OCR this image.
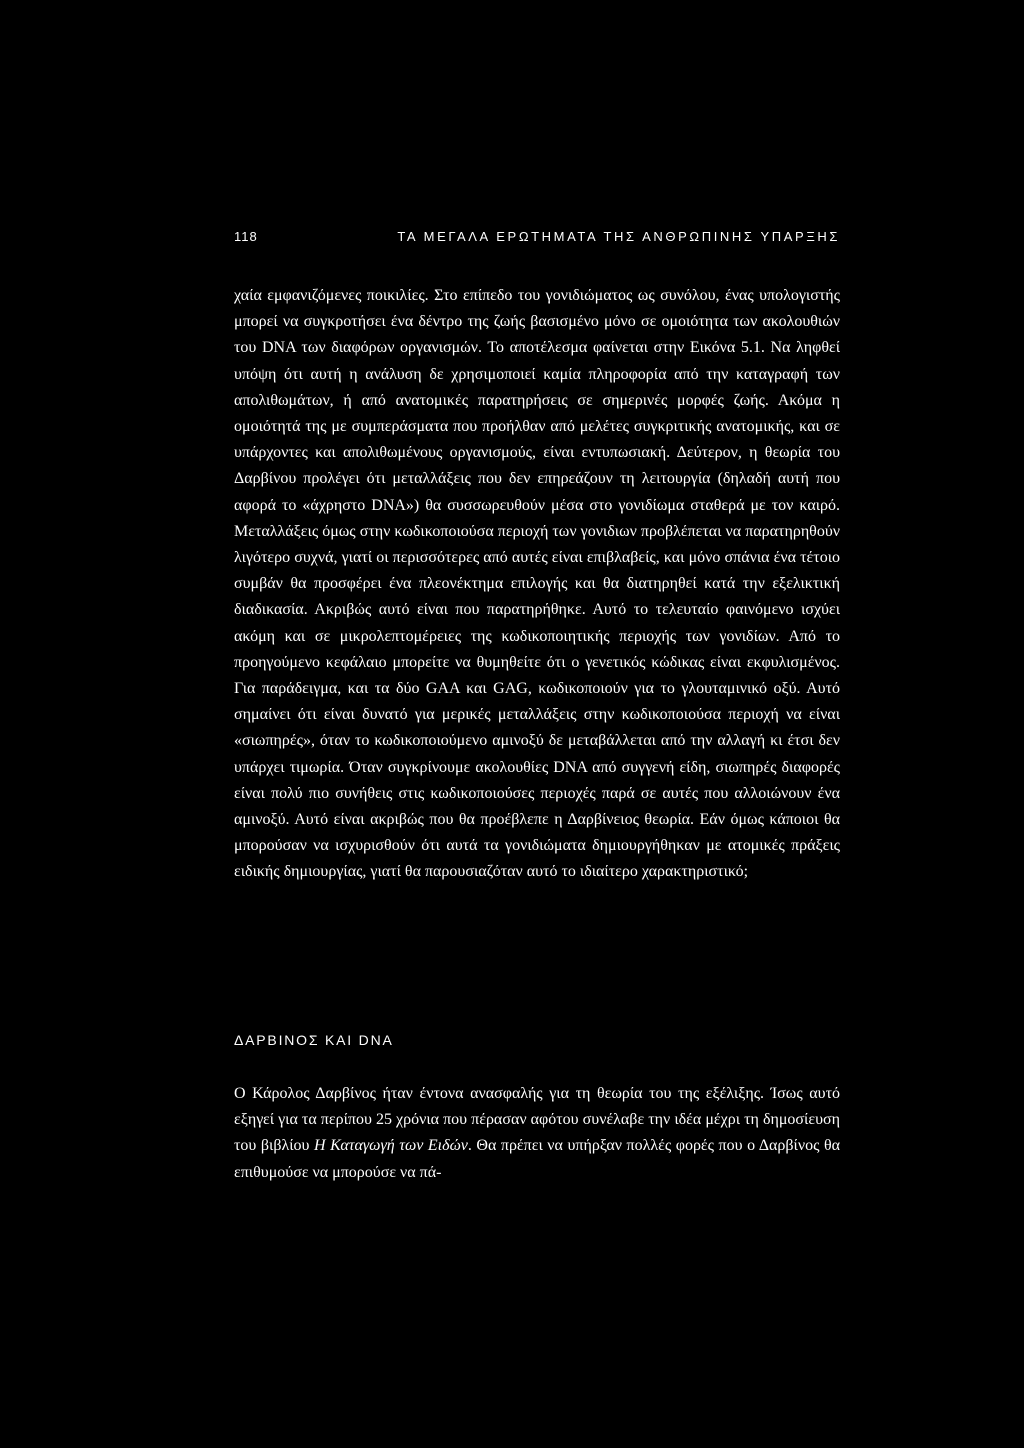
118	ΤΑ ΜΕΓΑΛΑ ΕΡΩΤΗΜΑΤΑ ΤΗΣ ΑΝΘΡΩΠΙΝΗΣ ΥΠΑΡΞΗΣ

χαία εμφανιζόμενες ποικιλίες. Στο επίπεδο του γονιδιώματος ως συνόλου, ένας υπολογιστής μπορεί να συγκροτήσει ένα δέντρο της ζωής βασισμένο μόνο σε ομοιότητα των ακολουθιών του DNA των διαφόρων οργανισμών. Το αποτέλεσμα φαίνεται στην Εικόνα 5.1. Να ληφθεί υπόψη ότι αυτή η ανάλυση δε χρησιμοποιεί καμία πληροφορία από την καταγραφή των απολιθωμάτων, ή από ανατομικές παρατηρήσεις σε σημερινές μορφές ζωής. Ακόμα η ομοιότητά της με συμπεράσματα που προήλθαν από μελέτες συγκριτικής ανατομικής, και σε υπάρχοντες και απολιθωμένους οργανισμούς, είναι εντυπωσιακή. Δεύτερον, η θεωρία του Δαρβίνου προλέγει ότι μεταλλάξεις που δεν επηρεάζουν τη λειτουργία (δηλαδή αυτή που αφορά το «άχρηστο DNA») θα συσσωρευθούν μέσα στο γονιδίωμα σταθερά με τον καιρό. Μεταλλάξεις όμως στην κωδικοποιούσα περιοχή των γονιδιων προβλέπεται να παρατηρηθούν λιγότερο συχνά, γιατί οι περισσότερες από αυτές είναι επιβλαβείς, και μόνο σπάνια ένα τέτοιο συμβάν θα προσφέρει ένα πλεονέκτημα επιλογής και θα διατηρηθεί κατά την εξελικτική διαδικασία. Ακριβώς αυτό είναι που παρατηρήθηκε. Αυτό το τελευταίο φαινόμενο ισχύει ακόμη και σε μικρολεπτομέρειες της κωδικοποιητικής περιοχής των γονιδίων. Από το προηγούμενο κεφάλαιο μπορείτε να θυμηθείτε ότι ο γενετικός κώδικας είναι εκφυλισμένος. Για παράδειγμα, και τα δύο GAA και GAG, κωδικοποιούν για το γλουταμινικό οξύ. Αυτό σημαίνει ότι είναι δυνατό για μερικές μεταλλάξεις στην κωδικοποιούσα περιοχή να είναι «σιωπηρές», όταν το κωδικοποιούμενο αμινοξύ δε μεταβάλλεται από την αλλαγή κι έτσι δεν υπάρχει τιμωρία. Όταν συγκρίνουμε ακολουθίες DNA από συγγενή είδη, σιωπηρές διαφορές είναι πολύ πιο συνήθεις στις κωδικοποιούσες περιοχές παρά σε αυτές που αλλοιώνουν ένα αμινοξύ. Αυτό είναι ακριβώς που θα προέβλεπε η Δαρβίνειος θεωρία. Εάν όμως κάποιοι θα μπορούσαν να ισχυρισθούν ότι αυτά τα γονιδιώματα δημιουργήθηκαν με ατομικές πράξεις ειδικής δημιουργίας, γιατί θα παρουσιαζόταν αυτό το ιδιαίτερο χαρακτηριστικό;

ΔΑΡΒΙΝΟΣ ΚΑΙ DNA

Ο Κάρολος Δαρβίνος ήταν έντονα ανασφαλής για τη θεωρία του της εξέλιξης. Ίσως αυτό εξηγεί για τα περίπου 25 χρόνια που πέρασαν αφότου συνέλαβε την ιδέα μέχρι τη δημοσίευση του βιβλίου Η Καταγωγή των Ειδών. Θα πρέπει να υπήρξαν πολλές φορές που ο Δαρβίνος θα επιθυμούσε να μπορούσε να πά-
